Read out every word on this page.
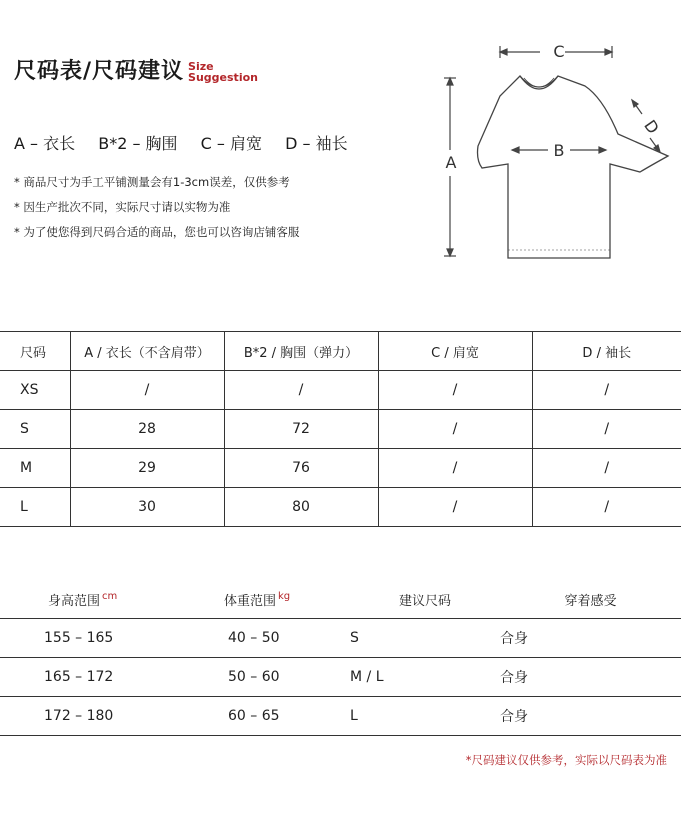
尺码表/尺码建议 Size
Suggestion
A – 衣长 B*2 – 胸围 C – 肩宽 D – 袖长
* 商品尺寸为手工平铺测量会有1-3cm误差，仅供参考
* 因生产批次不同，实际尺寸请以实物为准
* 为了使您得到尺码合适的商品，您也可以咨询店铺客服
C
A
B
D
尺码	A / 衣长（不含肩带）	B*2 / 胸围（弹力）	C / 肩宽	D / 袖长
XS	/	/	/	/
S	28	72	/	/
M	29	76	/	/
L	30	80	/	/
身高范围 $^{cm}$	体重范围 $^{kg}$	建议尺码	穿着感受
155 – 165	40 – 50	S	合身
165 – 172	50 – 60	M / L	合身
172 – 180	60 – 65	L	合身
*尺码建议仅供参考，实际以尺码表为准
